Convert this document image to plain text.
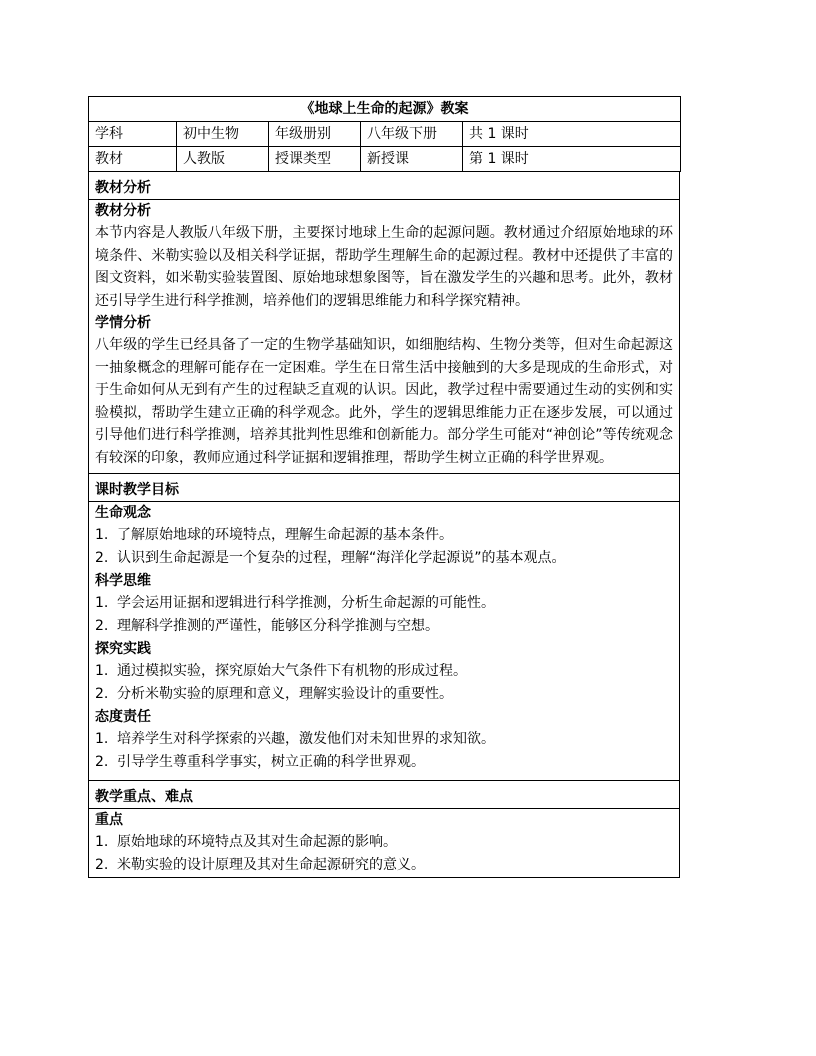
《地球上生命的起源》教案				
学科	初中生物	年级册别	八年级下册	共 1 课时
教材	人教版	授课类型	新授课	第 1 课时
教材分析
教材分析
本节内容是人教版八年级下册，主要探讨地球上生命的起源问题。教材通过介绍原始地球的环境条件、米勒实验以及相关科学证据，帮助学生理解生命的起源过程。教材中还提供了丰富的图文资料，如米勒实验装置图、原始地球想象图等，旨在激发学生的兴趣和思考。此外，教材还引导学生进行科学推测，培养他们的逻辑思维能力和科学探究精神。
学情分析
八年级的学生已经具备了一定的生物学基础知识，如细胞结构、生物分类等，但对生命起源这一抽象概念的理解可能存在一定困难。学生在日常生活中接触到的大多是现成的生命形式，对于生命如何从无到有产生的过程缺乏直观的认识。因此，教学过程中需要通过生动的实例和实验模拟，帮助学生建立正确的科学观念。此外，学生的逻辑思维能力正在逐步发展，可以通过引导他们进行科学推测，培养其批判性思维和创新能力。部分学生可能对“神创论”等传统观念有较深的印象，教师应通过科学证据和逻辑推理，帮助学生树立正确的科学世界观。
课时教学目标
生命观念
1. 了解原始地球的环境特点，理解生命起源的基本条件。
2. 认识到生命起源是一个复杂的过程，理解“海洋化学起源说”的基本观点。
科学思维
1. 学会运用证据和逻辑进行科学推测，分析生命起源的可能性。
2. 理解科学推测的严谨性，能够区分科学推测与空想。
探究实践
1. 通过模拟实验，探究原始大气条件下有机物的形成过程。
2. 分析米勒实验的原理和意义，理解实验设计的重要性。
态度责任
1. 培养学生对科学探索的兴趣，激发他们对未知世界的求知欲。
2. 引导学生尊重科学事实，树立正确的科学世界观。
教学重点、难点
重点
1. 原始地球的环境特点及其对生命起源的影响。
2. 米勒实验的设计原理及其对生命起源研究的意义。
